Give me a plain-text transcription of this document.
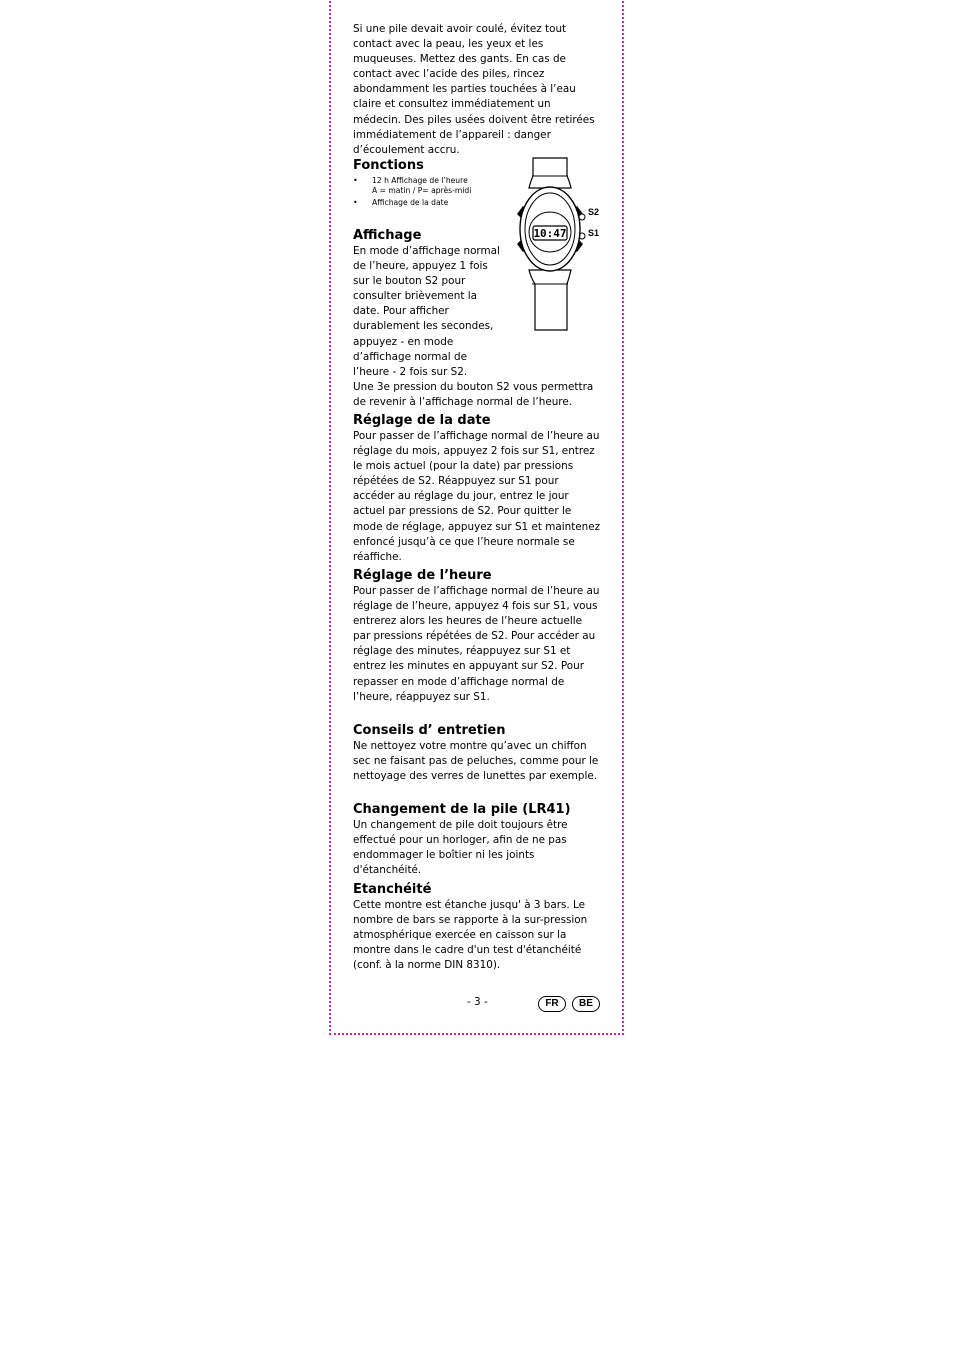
Si une pile devait avoir coulé, évitez tout contact avec la peau, les yeux et les muqueuses. Mettez des gants. En cas de contact avec l’acide des piles, rincez abondamment les parties touchées à l’eau claire et consultez immédiatement un médecin. Des piles usées doivent être retirées immédiatement de l’appareil : danger d’écoulement accru.

Fonctions
• 12 h Affichage de l’heure
A = matin / P= après-midi
• Affichage de la date
10:47
S2
S1
Affichage

En mode d’affichage normal de l’heure, appuyez 1 fois sur le bouton S2 pour consulter brièvement la date. Pour afficher durablement les secondes, appuyez - en mode d’affichage normal de l’heure - 2 fois sur S2.

Une 3e pression du bouton S2 vous permettra de revenir à l’affichage normal de l’heure.

Réglage de la date

Pour passer de l’affichage normal de l’heure au réglage du mois, appuyez 2 fois sur S1, entrez le mois actuel (pour la date) par pressions répétées de S2. Réappuyez sur S1 pour accéder au réglage du jour, entrez le jour actuel par pressions de S2. Pour quitter le mode de réglage, appuyez sur S1 et maintenez enfoncé jusqu’à ce que l’heure normale se réaffiche.

Réglage de l’heure

Pour passer de l’affichage normal de l’heure au réglage de l’heure, appuyez 4 fois sur S1, vous entrerez alors les heures de l’heure actuelle par pressions répétées de S2. Pour accéder au réglage des minutes, réappuyez sur S1 et entrez les minutes en appuyant sur S2. Pour repasser en mode d’affichage normal de l’heure, réappuyez sur S1.

Conseils d’ entretien

Ne nettoyez votre montre qu’avec un chiffon sec ne faisant pas de peluches, comme pour le nettoyage des verres de lunettes par exemple.

Changement de la pile (LR41)

Un changement de pile doit toujours être effectué pour un horloger, afin de ne pas endommager le boîtier ni les joints d'étanchéité.

Etanchéité

Cette montre est étanche jusqu' à 3 bars. Le nombre de bars se rapporte à la sur-pression atmosphérique exercée en caisson sur la montre dans le cadre d'un test d'étanchéité (conf. à la norme DIN 8310).

- 3 -	FR	BE
